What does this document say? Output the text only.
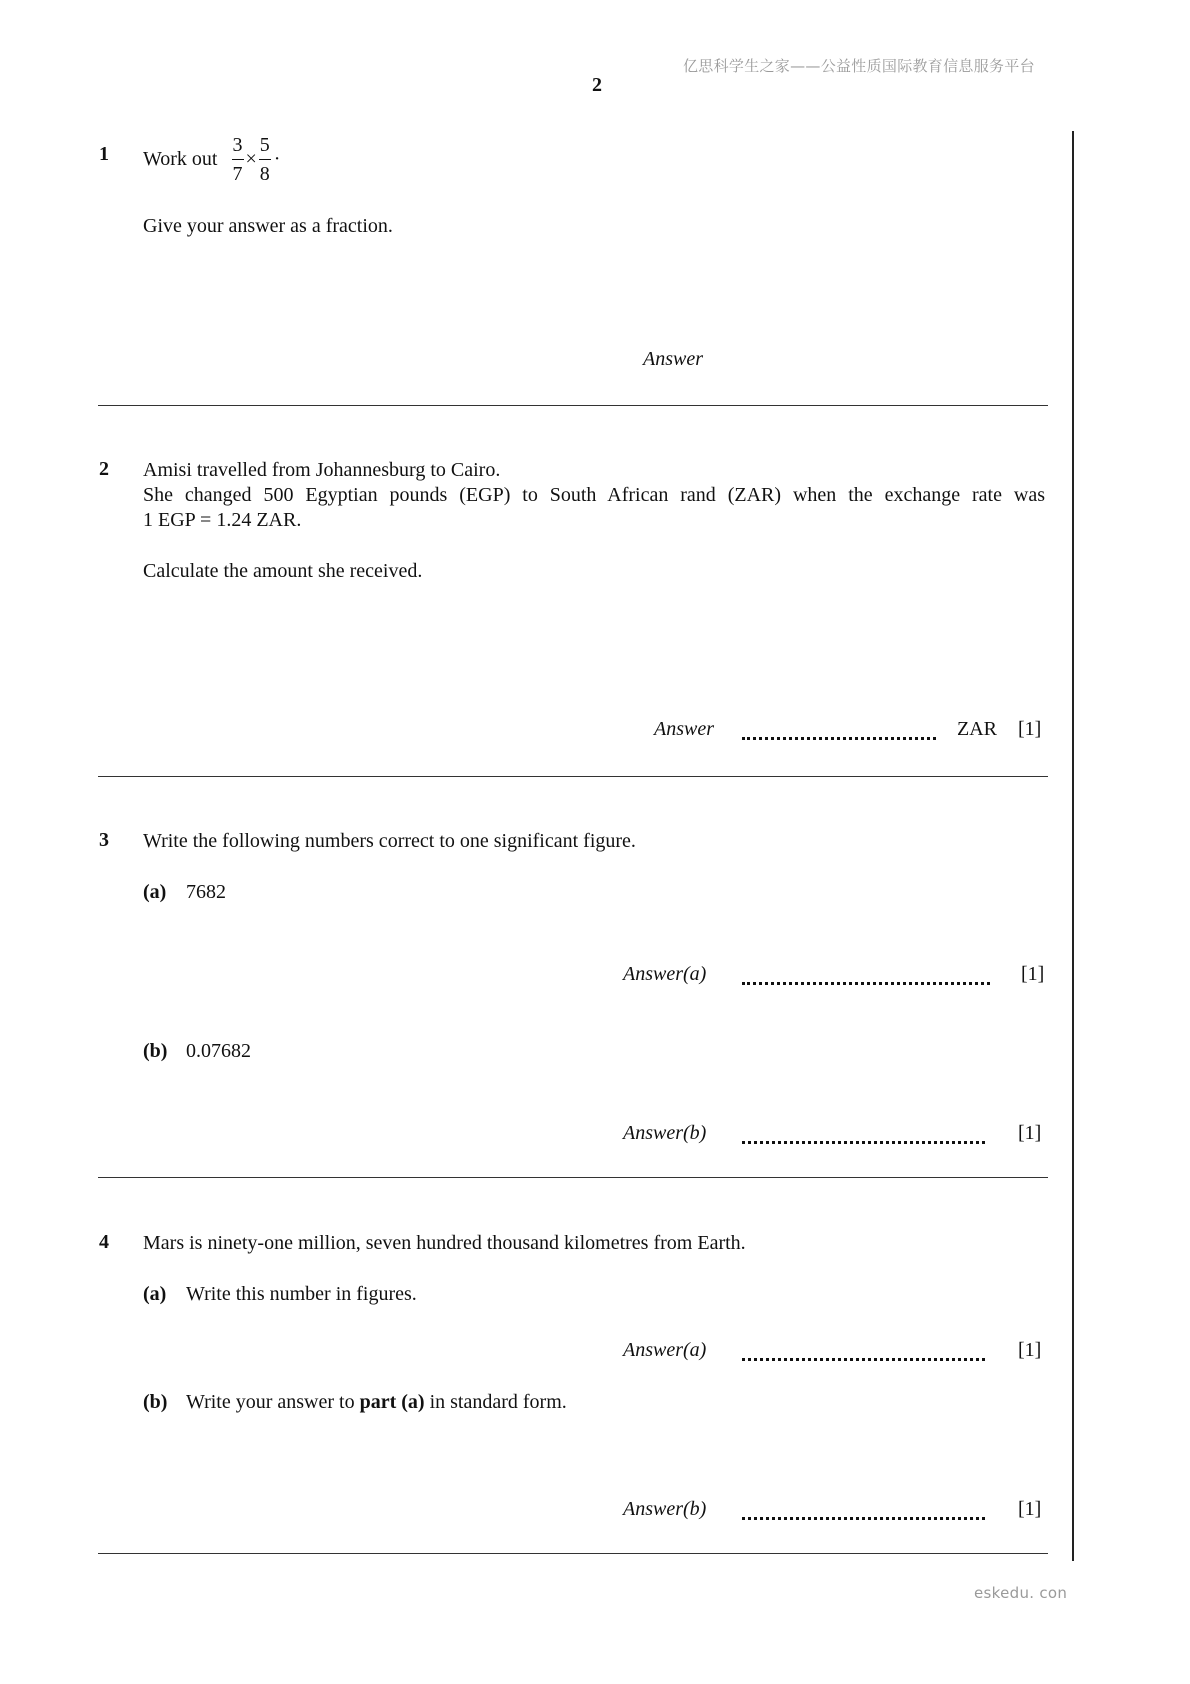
亿思科学生之家——公益性质国际教育信息服务平台
2
1 Work out $\frac{3}{7} \times \frac{5}{8}$ ·
Give your answer as a fraction.
Answer
2 Amisi travelled from Johannesburg to Cairo.
She changed 500 Egyptian pounds (EGP) to South African rand (ZAR) when the exchange rate was
1 EGP = 1.24 ZAR.
Calculate the amount she received.
Answer	ZAR [1]
3 Write the following numbers correct to one significant figure.
(a) 7682
Answer(a)	[1]
(b) 0.07682
Answer(b)	[1]
4 Mars is ninety-one million, seven hundred thousand kilometres from Earth.
(a) Write this number in figures.
Answer(a)	[1]
(b) Write your answer to part (a) in standard form.
Answer(b)	[1]
eskedu. con
